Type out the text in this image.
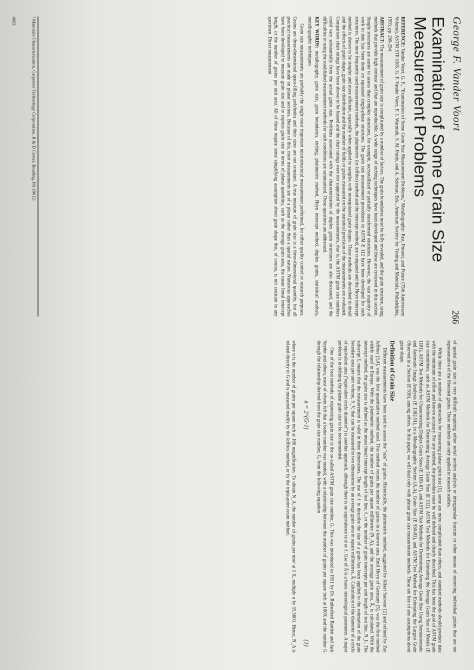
George F. Vander Voort
266
Examination of Some Grain Size
Measurement Problems

REFERENCE: Vander Voort, G. F., "Examination of Some Grain Size Measurement Problems," Metallography: Past, Present, and Future (75th Anniversary Volume), ASTM STP 1165, G. F. Vander Voort, F. J. Warmuth, S. M. Purdy, and A. Szirmae, Eds., American Society for Testing and Materials, Philadelphia, 1993, pp. 266-294.

ABSTRACT: The measurement of grain size is complicated by a number of factors. The grain boundaries must be fully revealed, and the grain structure, using methods that provide high contrast and that are reproducible. A wide range of etching techniques have been developed and these are reviewed in this section. Simple structures are easier to assess than complex structures, for example, recrystallized or partially transformed structures. However, the vast majority of work to date has been done on equiaxed single-phase structures. The grain size measurement procedures in ASTM E 112 have been developed for such structures. The most frequently used measurement methods, the planimetric (or Jeffries) method and the intercept method, are compared and the Heyn intercept method is shown to be simpler and more efficient, especially when applied to samples with nonequiaxed grain shapes. These methods are described in detail and the effects of grain shape, grain size distribution and the number of fields or grains measured on the statistical precision of the measurements are evaluated. Comparison chart ratings have been shown to be biased and the chart ratings were not supported by the measurements, that is, the ASTM grain size numbers could vary substantially from the actual grain size. Problems associated with the characterization of duplex grain structures are also discussed, and the difficulties in using the established measurement methods for such conditions are summarized. These questions are addressed.

KEY WORDS: metallography, grain size, grain boundaries, etching, planimetric method, Heyn intercept method, duplex grains, statistical analysis, metallographic techniques

Grain size measurements are probably the single most important microstructural measurement performed, for either quality control or research purposes. Grains are three-dimensional space-filling polyhedra and their sizes are not constant. A true measure of grain size is a three-dimensional quantity, but all practical measurements are made on planar sections. Because of this, most measurements are of a planar rather than a spatial nature. Numerous approaches have been developed to measure grain size and to express grain size in terms of planar quantities, such as the average grain area, the mean lineal intercept length, or the number of grains per unit area. All of these require some simplifying assumption about grain shape that, of course, is not constant in any specimen. Direct measurement

¹ Materials Characterization, Carpenter Technology Corporation, R & D Center, Reading, PA 19612-
4662

of spatial grain size is very difficult requiring either serial section analysis or intergranular fracture or other means of removing individual grains that are not representative of the liberated grains. These methods are only applied in research studies.

While there are a number of approaches for measuring planar grain size [1], some are more complicated than others, and standard methods should produce data with the minimum of effort and known accuracy. For any method, the procedure must be well defined and clearly described. This has been the goal of ASTM grain size committees, such as ASTM Methods for Determining Average Grain Size (E 112), ASTM Test Methods for Estimating the Average Grain Size of Metals (E 1181), ASTM Test Methods for Characterizing Duplex Grain Sizes (E 1181-87), and ASTM Test Methods for Determining Average Grain Size Using Semiautomatic and Automatic Image Analysis (E 1382-91), in a Metallographic Section (A.A), Grain Size (E 930-83), and ASTM Test Method for Estimating the Largest Grain Observed in a Section (E 930), among others. In this paper, we will deal only with planar grain size measurement methods. These are free of any assumptions about grain shape.

Definition of Grain Size

Different measurements have been used to assess the "size" of grains. Historically, the planimetric method, suggested by Albert Sauveur [2] and refined by Zay Jeffries [3,4], was the first quantitative method used. This method counts the number of grains in a known area. Emil Heyn of Germany [5], was the first method widely used in Europe. With the planimetric method, the number of grains per square millimetre (N_A), and the average grain area, A̅, is calculated. With the intercept method, the grain size is defined as the mean lineal intercept length of test line, ℓ, or the number of grain intercepts per unit length of test line, N_L. The subscript L means that the measurement is valid in three dimensions. The use of ℓ to describe the size of a grain has been applied to the estimation of the grain boundary area per unit volume, S_V, that can be measured in two dimensions by an average grain area in square millimetres, A̅. Calculation of the diameter of a circle of equivalent area ("equivalent circle diameter") is another approach, although there is no equivalence to d or ℓ. Use of A̅ is a basic stereological parameter. A major problem is in defining the planar grain size to be recommended.

One of the best methods of expressing grain size is the so-called ASTM grain size number, G. This was introduced in 1951 by Dr. Rutherford Bartlett and Jack Snyder and others, most of whom felt that a better number was needed, with a relationship between the number of grains per square inch at 100X and the number G through the relationship derived from the grain size number, G, from the following equation

n = 2^(G-1)
(1)

where n is the number of grains per square inch at 100 magnification. To obtain N_A, the number of grains per mm² at 1 X, multiply n by 15.5003. Hence, N_A is related directly to G and is measured readily by the Jeffries method, or by the triple-point count method.
